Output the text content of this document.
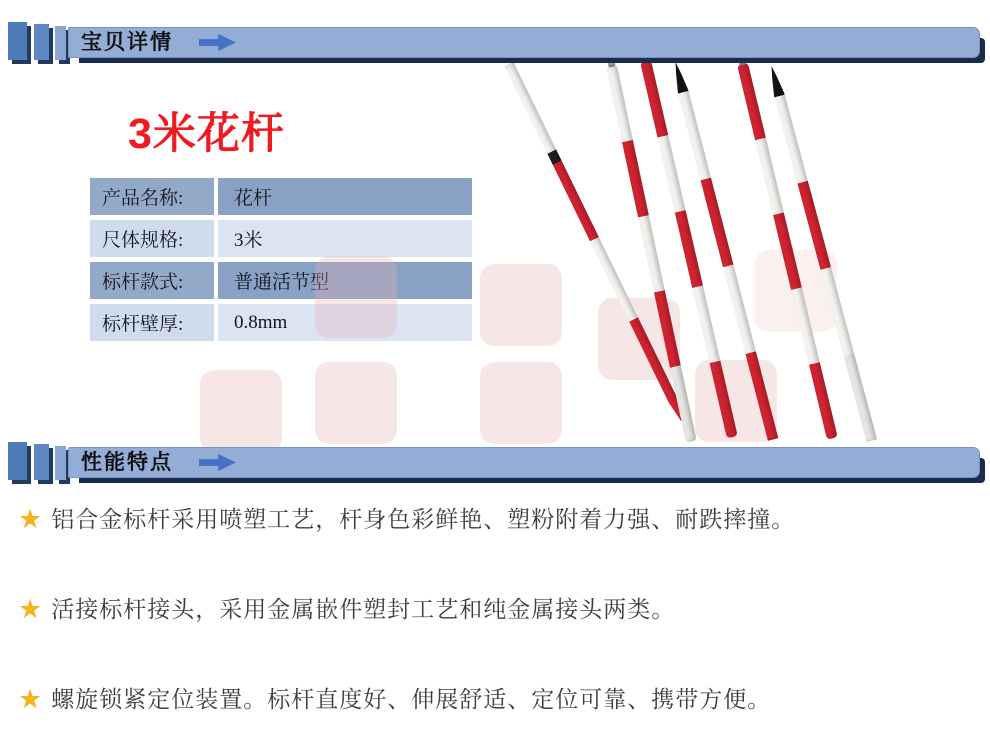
宝贝详情
3米花杆
产品名称:	花杆
尺体规格:	3米
标杆款式:	普通活节型
标杆壁厚:	0.8mm
性能特点
★ 铝合金标杆采用喷塑工艺，杆身色彩鲜艳、塑粉附着力强、耐跌摔撞。
★ 活接标杆接头，采用金属嵌件塑封工艺和纯金属接头两类。
★ 螺旋锁紧定位装置。标杆直度好、伸展舒适、定位可靠、携带方便。
